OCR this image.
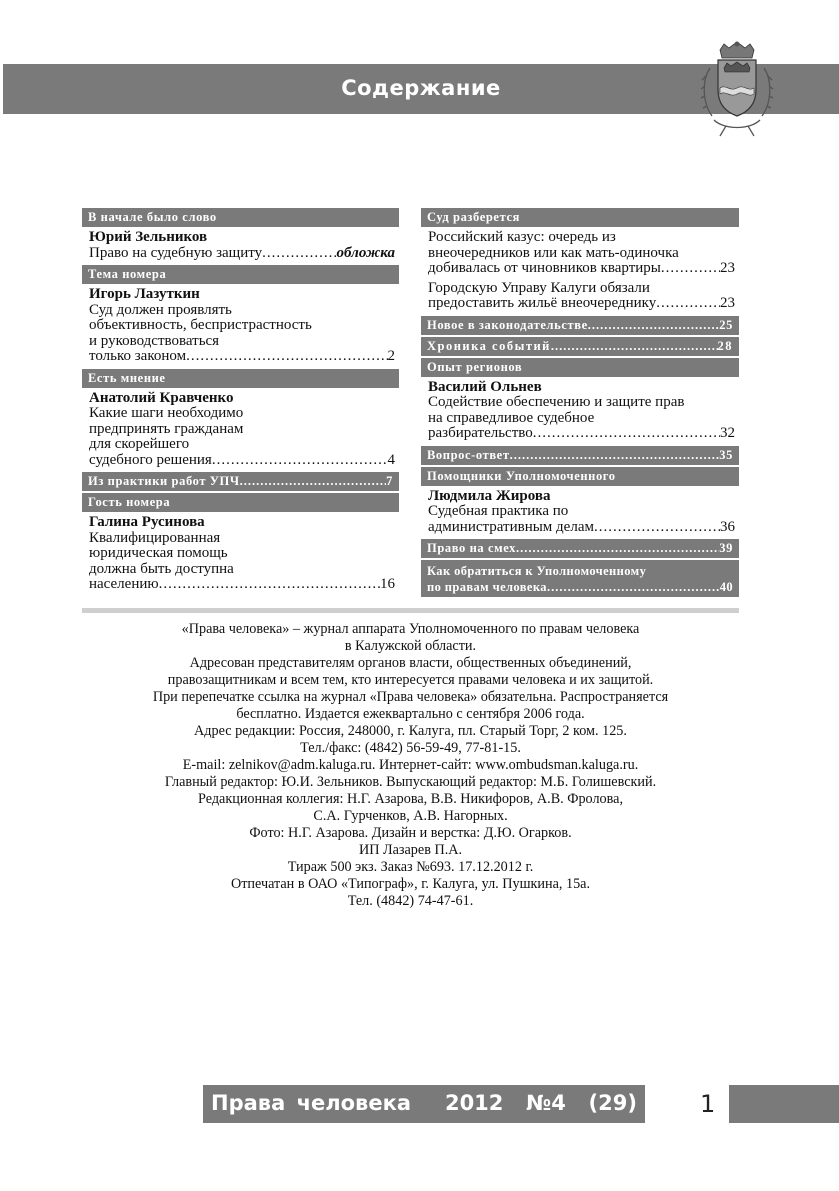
Содержание
В начале было слово
Юрий Зельников
Право на судебную защиту .....	обложка
Тема номера
Игорь Лазуткин
Суд должен проявлять
объективность, беспристрастность
и руководствоваться
только законом .....	2
Есть мнение
Анатолий Кравченко
Какие шаги необходимо
предпринять гражданам
для скорейшего
судебного решения .....	4
Из практики работ УПЧ .....	7
Гость номера
Галина Русинова
Квалифицированная
юридическая помощь
должна быть доступна
населению .....	16
Суд разберется
Российский казус: очередь из
внеочередников или как мать-одиночка
добивалась от чиновников квартиры .....	23
Городскую Управу Калуги обязали
предоставить жильё внеочереднику .....	23
Новое в законодательстве .....	25
Хроника событий .....	28
Опыт регионов
Василий Ольнев
Содействие обеспечению и защите прав
на справедливое судебное
разбирательство .....	32
Вопрос-ответ .....	35
Помощники Уполномоченного
Людмила Жирова
Судебная практика по
административным делам .....	36
Право на смех .....	39
Как обратиться к Уполномоченному
по правам человека .....	40
«Права человека» – журнал аппарата Уполномоченного по правам человека
в Калужской области.
Адресован представителям органов власти, общественных объединений,
правозащитникам и всем тем, кто интересуется правами человека и их защитой.
При перепечатке ссылка на журнал «Права человека» обязательна. Распространяется
бесплатно. Издается ежеквартально с сентября 2006 года.
Адрес редакции: Россия, 248000, г. Калуга, пл. Старый Торг, 2 ком. 125.
Тел./факс: (4842) 56-59-49, 77-81-15.
E-mail: zelnikov@adm.kaluga.ru. Интернет-сайт: www.ombudsman.kaluga.ru.
Главный редактор: Ю.И. Зельников. Выпускающий редактор: М.Б. Голишевский.
Редакционная коллегия: Н.Г. Азарова, В.В. Никифоров, А.В. Фролова,
С.А. Гурченков, А.В. Нагорных.
Фото: Н.Г. Азарова. Дизайн и верстка: Д.Ю. Огарков.
ИП Лазарев П.А.
Тираж 500 экз. Заказ №693. 17.12.2012 г.
Отпечатан в ОАО «Типограф», г. Калуга, ул. Пушкина, 15а.
Тел. (4842) 74-47-61.
Права человека 2012 №4 (29)	1
